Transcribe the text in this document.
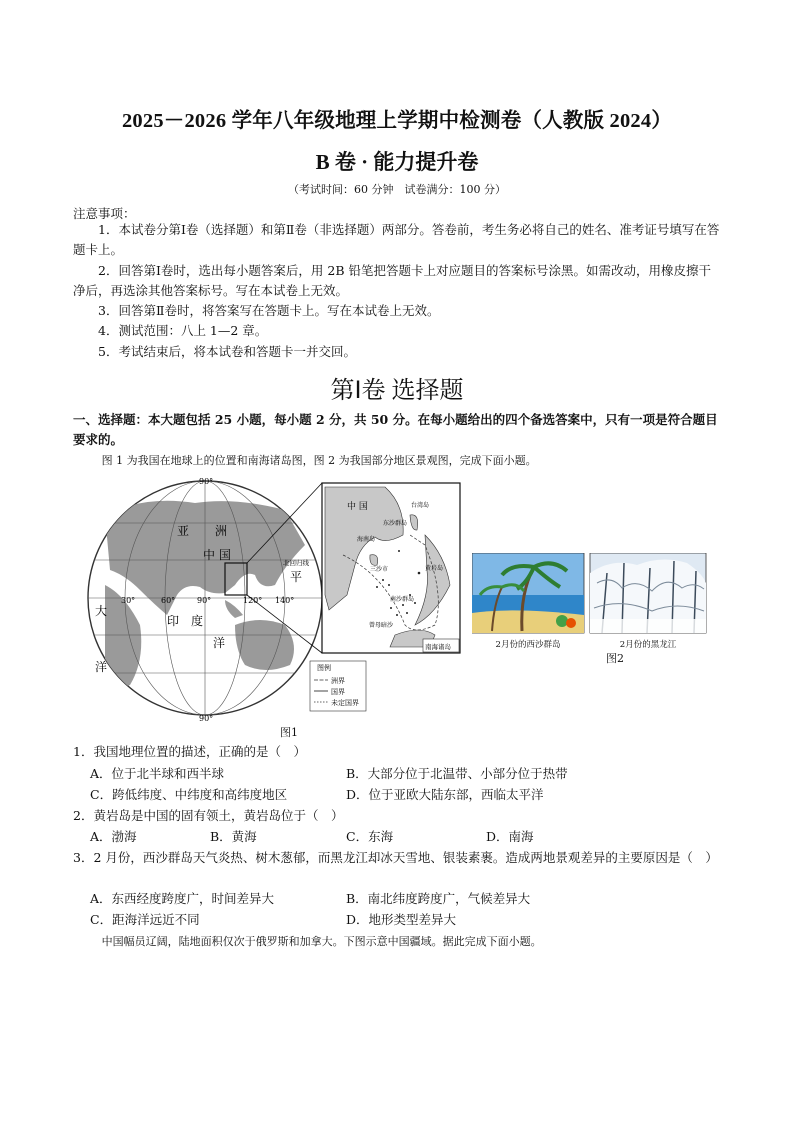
2025－2026 学年八年级地理上学期中检测卷（人教版 2024）
B 卷 · 能力提升卷
（考试时间：60 分钟　试卷满分：100 分）
注意事项：

1．本试卷分第Ⅰ卷（选择题）和第Ⅱ卷（非选择题）两部分。答卷前，考生务必将自己的姓名、准考证号填写在答题卡上。

2．回答第Ⅰ卷时，选出每小题答案后，用 2B 铅笔把答题卡上对应题目的答案标号涂黑。如需改动，用橡皮擦干净后，再选涂其他答案标号。写在本试卷上无效。

3．回答第Ⅱ卷时，将答案写在答题卡上。写在本试卷上无效。

4．测试范围：八上 1—2 章。

5．考试结束后，将本试卷和答题卡一并交回。

第Ⅰ卷 选择题
一、选择题：本大题包括 25 小题，每小题 2 分，共 50 分。在每小题给出的四个备选答案中，只有一项是符合题目要求的。
图 1 为我国在地球上的位置和南海诸岛图，图 2 为我国部分地区景观图，完成下面小题。
90°
90°
亚 洲
中 国
30°	60°	90°	120° 140°
印　度
洋
大
洋
平
北回归线
中 国	台湾岛
海南岛
东沙群岛
三沙市	黄岩岛
南沙群岛
曾母暗沙
南海诸岛
图例
洲界
国界
未定国界
图1
2月份的西沙群岛	2月份的黑龙江
图2
1．我国地理位置的描述，正确的是（　）
A．位于北半球和西半球	B．大部分位于北温带、小部分位于热带
C．跨低纬度、中纬度和高纬度地区	D．位于亚欧大陆东部，西临太平洋
2．黄岩岛是中国的固有领土，黄岩岛位于（　）
A．渤海	B．黄海	C．东海	D．南海
3．2 月份，西沙群岛天气炎热、树木葱郁，而黑龙江却冰天雪地、银装素裹。造成两地景观差异的主要原因是（　）
A．东西经度跨度广，时间差异大	B．南北纬度跨度广，气候差异大
C．距海洋远近不同	D．地形类型差异大
中国幅员辽阔，陆地面积仅次于俄罗斯和加拿大。下图示意中国疆域。据此完成下面小题。
